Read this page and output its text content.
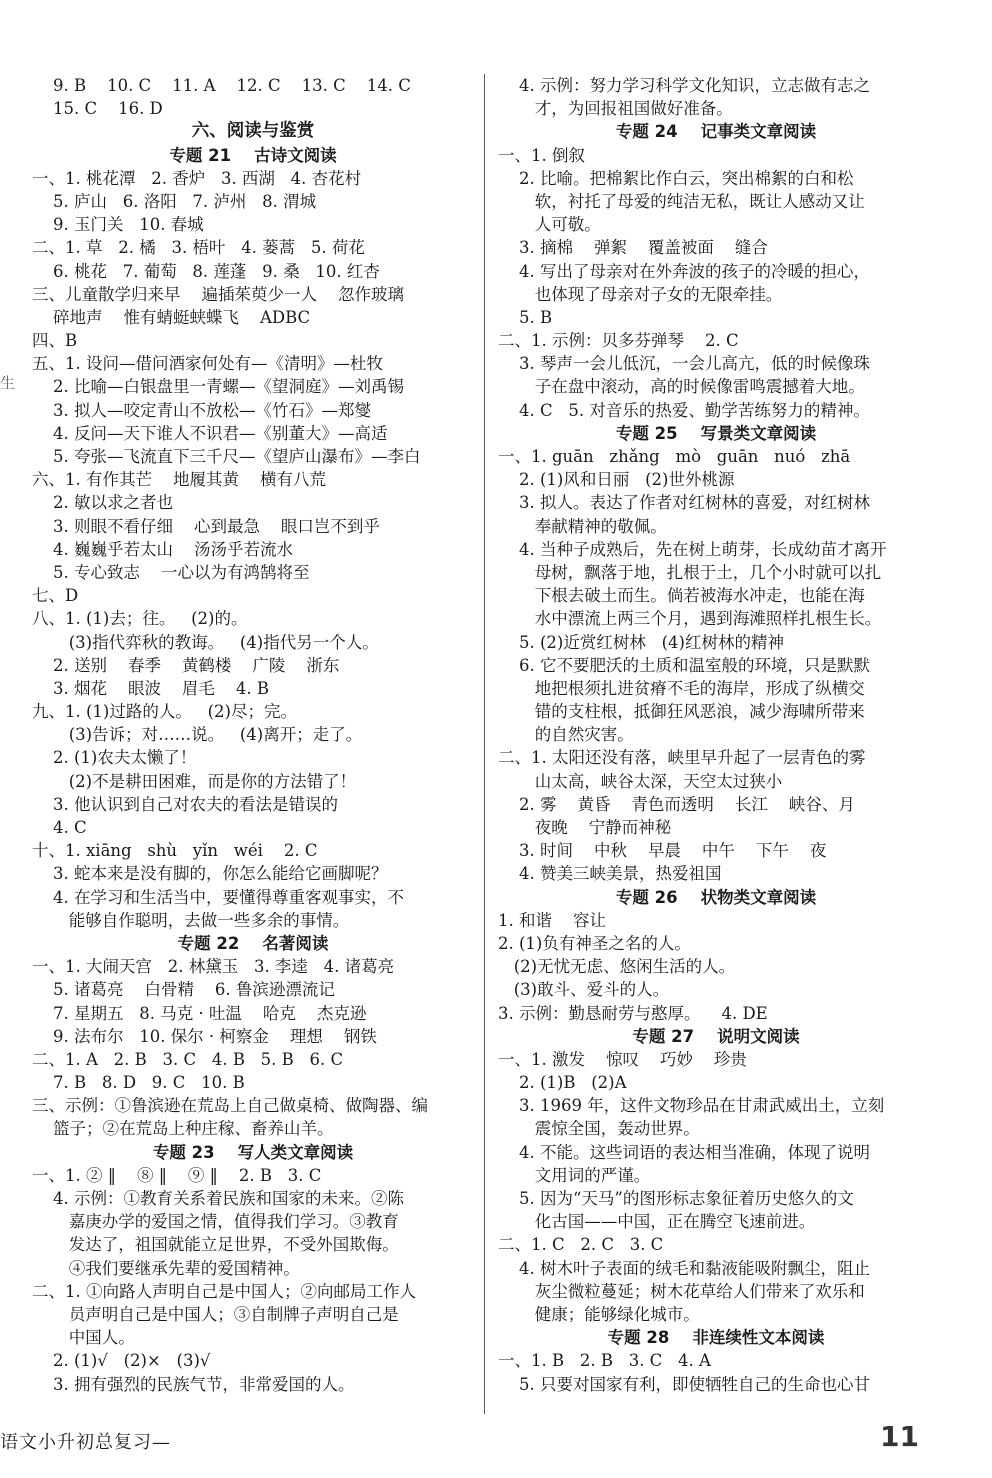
9. B    10. C    11. A    12. C    13. C    14. C
15. C    16. D
六、阅读与鉴赏
专题 21    古诗文阅读
一、1. 桃花潭   2. 香炉   3. 西湖   4. 杏花村
5. 庐山   6. 洛阳   7. 泸州   8. 渭城
9. 玉门关   10. 春城
二、1. 草   2. 橘   3. 梧叶   4. 蒌蒿   5. 荷花
6. 桃花   7. 葡萄   8. 莲蓬   9. 桑   10. 红杏
三、儿童散学归来早    遍插茱萸少一人    忽作玻璃
碎地声    惟有蜻蜓蛱蝶飞    ADBC
四、B
五、1. 设问—借问酒家何处有—《清明》—杜牧
2. 比喻—白银盘里一青螺—《望洞庭》—刘禹锡
3. 拟人—咬定青山不放松—《竹石》—郑燮
4. 反问—天下谁人不识君—《别董大》—高适
5. 夸张—飞流直下三千尺—《望庐山瀑布》—李白
六、1. 有作其芒    地履其黄    横有八荒
2. 敏以求之者也
3. 则眼不看仔细    心到最急    眼口岂不到乎
4. 巍巍乎若太山    汤汤乎若流水
5. 专心致志    一心以为有鸿鹄将至
七、D
八、1. (1)去；往。   (2)的。
(3)指代弈秋的教诲。   (4)指代另一个人。
2. 送别    春季    黄鹤楼    广陵    浙东
3. 烟花    眼波    眉毛    4. B
九、1. (1)过路的人。   (2)尽；完。
(3)告诉；对……说。   (4)离开；走了。
2. (1)农夫太懒了！
(2)不是耕田困难，而是你的方法错了！
3. 他认识到自己对农夫的看法是错误的
4. C
十、1. xiāng   shù   yǐn   wéi    2. C
3. 蛇本来是没有脚的，你怎么能给它画脚呢？
4. 在学习和生活当中，要懂得尊重客观事实，不
能够自作聪明，去做一些多余的事情。
专题 22    名著阅读
一、1. 大闹天宫   2. 林黛玉   3. 李逵   4. 诸葛亮
5. 诸葛亮    白骨精    6. 鲁滨逊漂流记
7. 星期五   8. 马克 · 吐温    哈克    杰克逊
9. 法布尔   10. 保尔 · 柯察金    理想    钢铁
二、1. A   2. B   3. C   4. B   5. B   6. C
7. B   8. D   9. C   10. B
三、示例：①鲁滨逊在荒岛上自己做桌椅、做陶器、编
篮子；②在荒岛上种庄稼、畜养山羊。
专题 23    写人类文章阅读
一、1. ② ‖    ⑧ ‖    ⑨ ‖    2. B   3. C
4. 示例：①教育关系着民族和国家的未来。②陈
嘉庚办学的爱国之情，值得我们学习。③教育
发达了，祖国就能立足世界，不受外国欺侮。
④我们要继承先辈的爱国精神。
二、1. ①向路人声明自己是中国人；②向邮局工作人
员声明自己是中国人；③自制牌子声明自己是
中国人。
2. (1)√   (2)×   (3)√
3. 拥有强烈的民族气节，非常爱国的人。
4. 示例：努力学习科学文化知识，立志做有志之
才，为回报祖国做好准备。
专题 24    记事类文章阅读
一、1. 倒叙
2. 比喻。把棉絮比作白云，突出棉絮的白和松
软，衬托了母爱的纯洁无私，既让人感动又让
人可敬。
3. 摘棉    弹絮    覆盖被面    缝合
4. 写出了母亲对在外奔波的孩子的冷暖的担心，
也体现了母亲对子女的无限牵挂。
5. B
二、1. 示例：贝多芬弹琴    2. C
3. 琴声一会儿低沉，一会儿高亢，低的时候像珠
子在盘中滚动，高的时候像雷鸣震撼着大地。
4. C   5. 对音乐的热爱、勤学苦练努力的精神。
专题 25    写景类文章阅读
一、1. guān   zhǎng   mò   guān   nuó   zhā
2. (1)风和日丽   (2)世外桃源
3. 拟人。表达了作者对红树林的喜爱，对红树林
奉献精神的敬佩。
4. 当种子成熟后，先在树上萌芽，长成幼苗才离开
母树，飘落于地，扎根于土，几个小时就可以扎
下根去破土而生。倘若被海水冲走，也能在海
水中漂流上两三个月，遇到海滩照样扎根生长。
5. (2)近赏红树林   (4)红树林的精神
6. 它不要肥沃的土质和温室般的环境，只是默默
地把根须扎进贫瘠不毛的海岸，形成了纵横交
错的支柱根，抵御狂风恶浪，减少海啸所带来
的自然灾害。
二、1. 太阳还没有落，峡里早升起了一层青色的雾
山太高，峡谷太深，天空太过狭小
2. 雾    黄昏    青色而透明    长江    峡谷、月
夜晚    宁静而神秘
3. 时间    中秋    早晨    中午    下午    夜
4. 赞美三峡美景，热爱祖国
专题 26    状物类文章阅读
1. 和谐    容让
2. (1)负有神圣之名的人。
(2)无忧无虑、悠闲生活的人。
(3)敢斗、爱斗的人。
3. 示例：勤恳耐劳与憨厚。    4. DE
专题 27    说明文阅读
一、1. 激发    惊叹    巧妙    珍贵
2. (1)B   (2)A
3. 1969 年，这件文物珍品在甘肃武威出土，立刻
震惊全国，轰动世界。
4. 不能。这些词语的表达相当准确，体现了说明
文用词的严谨。
5. 因为“天马”的图形标志象征着历史悠久的文
化古国——中国，正在腾空飞速前进。
二、1. C   2. C   3. C
4. 树木叶子表面的绒毛和黏液能吸附飘尘，阻止
灰尘微粒蔓延；树木花草给人们带来了欢乐和
健康；能够绿化城市。
专题 28    非连续性文本阅读
一、1. B   2. B   3. C   4. A
5. 只要对国家有利，即使牺牲自己的生命也心甘
生
语文小升初总复习—	11
